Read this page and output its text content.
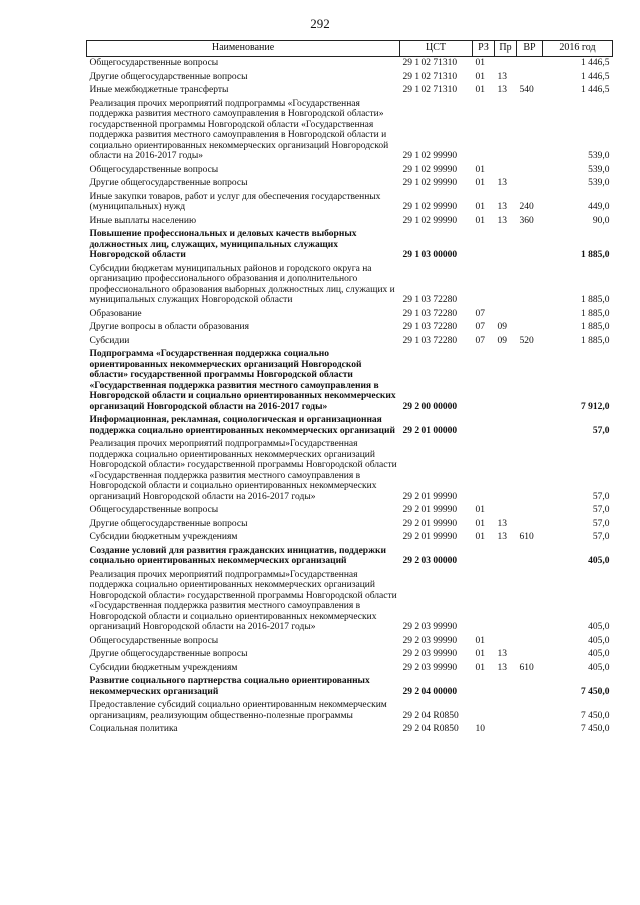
292
Наименование	ЦСТ	РЗ	Пр	ВР	2016 год
Общегосударственные вопросы	29 1 02 71310	01			1 446,5
Другие общегосударственные вопросы	29 1 02 71310	01	13		1 446,5
Иные межбюджетные трансферты	29 1 02 71310	01	13	540	1 446,5
Реализация прочих мероприятий подпрограммы «Государственная поддержка развития местного самоуправления в Новгородской области» государственной программы Новгородской области «Государственная поддержка развития местного самоуправления в Новгородской области и социально ориентированных некоммерческих организаций Новгородской области на 2016-2017 годы»	29 1 02 99990				539,0
Общегосударственные вопросы	29 1 02 99990	01			539,0
Другие общегосударственные вопросы	29 1 02 99990	01	13		539,0
Иные закупки товаров, работ и услуг для обеспечения государственных (муниципальных) нужд	29 1 02 99990	01	13	240	449,0
Иные выплаты населению	29 1 02 99990	01	13	360	90,0
Повышение профессиональных и деловых качеств выборных должностных лиц, служащих, муниципальных служащих Новгородской области	29 1 03 00000				1 885,0
Субсидии бюджетам муниципальных районов и городского округа на организацию профессионального образования и дополнительного профессионального образования выборных должностных лиц, служащих и муниципальных служащих Новгородской области	29 1 03 72280				1 885,0
Образование	29 1 03 72280	07			1 885,0
Другие вопросы в области образования	29 1 03 72280	07	09		1 885,0
Субсидии	29 1 03 72280	07	09	520	1 885,0
Подпрограмма «Государственная поддержка социально ориентированных некоммерческих организаций Новгородской области» государственной программы Новгородской области «Государственная поддержка развития местного самоуправления в Новгородской области и социально ориентированных некоммерческих организаций Новгородской области на 2016-2017 годы»	29 2 00 00000				7 912,0
Информационная, рекламная, социологическая и организационная поддержка социально ориентированных некоммерческих организаций	29 2 01 00000				57,0
Реализация прочих мероприятий подпрограммы»Государственная поддержка социально ориентированных некоммерческих организаций Новгородской области» государственной программы Новгородской области «Государственная поддержка развития местного самоуправления в Новгородской области и социально ориентированных некоммерческих организаций Новгородской области на 2016-2017 годы»	29 2 01 99990				57,0
Общегосударственные вопросы	29 2 01 99990	01			57,0
Другие общегосударственные вопросы	29 2 01 99990	01	13		57,0
Субсидии бюджетным учреждениям	29 2 01 99990	01	13	610	57,0
Создание условий для развития гражданских инициатив, поддержки социально ориентированных некоммерческих организаций	29 2 03 00000				405,0
Реализация прочих мероприятий подпрограммы»Государственная поддержка социально ориентированных некоммерческих организаций Новгородской области» государственной программы Новгородской области «Государственная поддержка развития местного самоуправления в Новгородской области и социально ориентированных некоммерческих организаций Новгородской области на 2016-2017 годы»	29 2 03 99990				405,0
Общегосударственные вопросы	29 2 03 99990	01			405,0
Другие общегосударственные вопросы	29 2 03 99990	01	13		405,0
Субсидии бюджетным учреждениям	29 2 03 99990	01	13	610	405,0
Развитие социального партнерства социально ориентированных некоммерческих организаций	29 2 04 00000				7 450,0
Предоставление субсидий социально ориентированным некоммерческим организациям, реализующим общественно-полезные программы	29 2 04 R0850				7 450,0
Социальная политика	29 2 04 R0850	10			7 450,0
